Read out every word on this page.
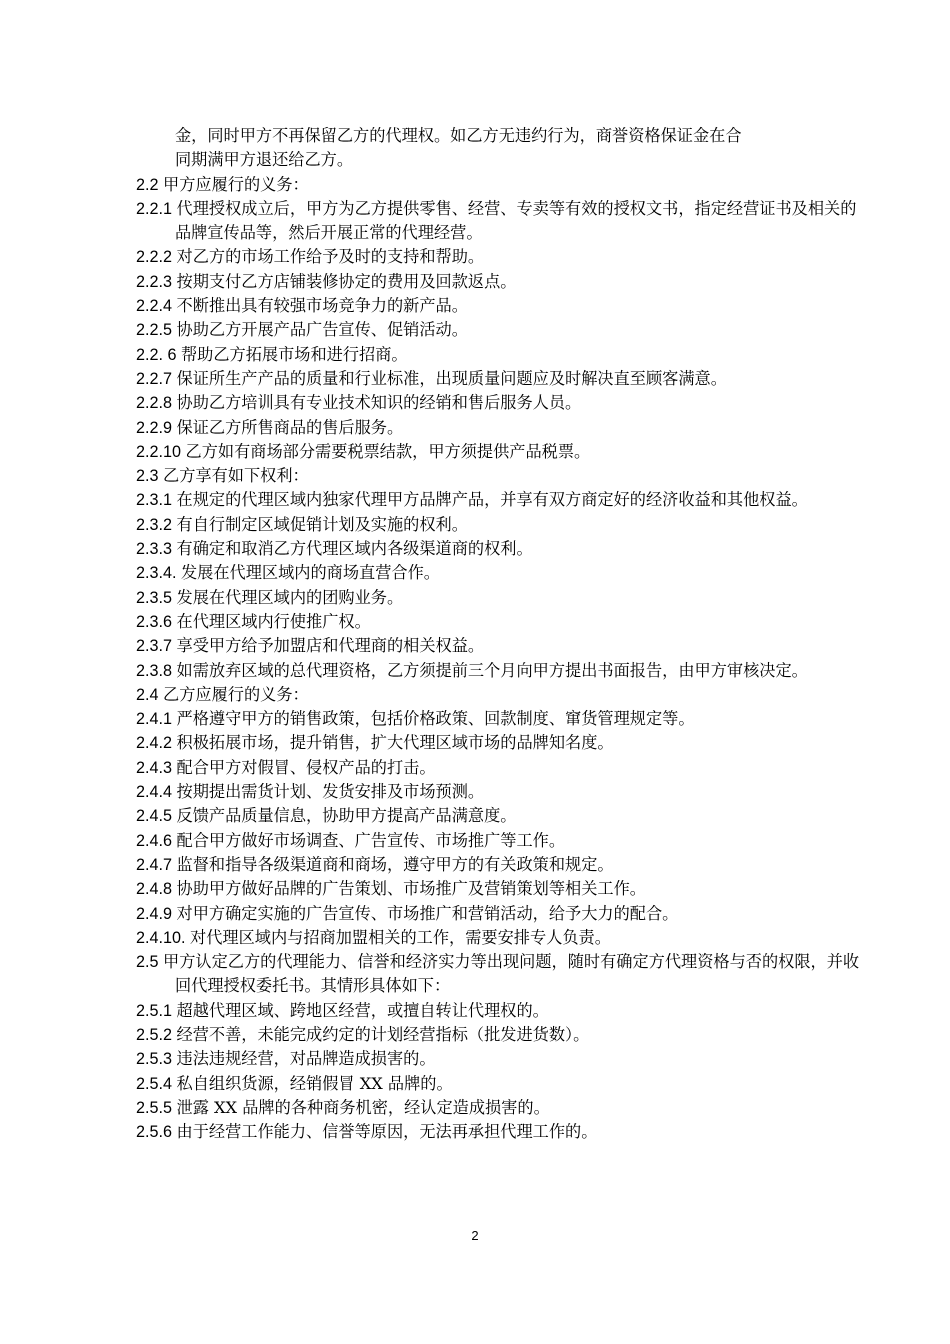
金，同时甲方不再保留乙方的代理权。如乙方无违约行为，商誉资格保证金在合
同期满甲方退还给乙方。
2.2 甲方应履行的义务：
2.2.1 代理授权成立后，甲方为乙方提供零售、经营、专卖等有效的授权文书，指定经营证书及相关的品牌宣传品等，然后开展正常的代理经营。
2.2.2 对乙方的市场工作给予及时的支持和帮助。
2.2.3 按期支付乙方店铺装修协定的费用及回款返点。
2.2.4 不断推出具有较强市场竞争力的新产品。
2.2.5 协助乙方开展产品广告宣传、促销活动。
2.2. 6 帮助乙方拓展市场和进行招商。
2.2.7 保证所生产产品的质量和行业标准，出现质量问题应及时解决直至顾客满意。
2.2.8 协助乙方培训具有专业技术知识的经销和售后服务人员。
2.2.9 保证乙方所售商品的售后服务。
2.2.10 乙方如有商场部分需要税票结款，甲方须提供产品税票。
2.3 乙方享有如下权利：
2.3.1 在规定的代理区域内独家代理甲方品牌产品，并享有双方商定好的经济收益和其他权益。
2.3.2 有自行制定区域促销计划及实施的权利。
2.3.3 有确定和取消乙方代理区域内各级渠道商的权利。
2.3.4. 发展在代理区域内的商场直营合作。
2.3.5 发展在代理区域内的团购业务。
2.3.6 在代理区域内行使推广权。
2.3.7 享受甲方给予加盟店和代理商的相关权益。
2.3.8 如需放弃区域的总代理资格，乙方须提前三个月向甲方提出书面报告，由甲方审核决定。
2.4 乙方应履行的义务：
2.4.1 严格遵守甲方的销售政策，包括价格政策、回款制度、窜货管理规定等。
2.4.2 积极拓展市场，提升销售，扩大代理区域市场的品牌知名度。
2.4.3 配合甲方对假冒、侵权产品的打击。
2.4.4 按期提出需货计划、发货安排及市场预测。
2.4.5 反馈产品质量信息，协助甲方提高产品满意度。
2.4.6 配合甲方做好市场调查、广告宣传、市场推广等工作。
2.4.7 监督和指导各级渠道商和商场，遵守甲方的有关政策和规定。
2.4.8 协助甲方做好品牌的广告策划、市场推广及营销策划等相关工作。
2.4.9 对甲方确定实施的广告宣传、市场推广和营销活动，给予大力的配合。
2.4.10. 对代理区域内与招商加盟相关的工作，需要安排专人负责。
2.5 甲方认定乙方的代理能力、信誉和经济实力等出现问题，随时有确定方代理资格与否的权限，并收回代理授权委托书。其情形具体如下：
2.5.1 超越代理区域、跨地区经营，或擅自转让代理权的。
2.5.2 经营不善，未能完成约定的计划经营指标（批发进货数）。
2.5.3 违法违规经营，对品牌造成损害的。
2.5.4 私自组织货源，经销假冒 XX 品牌的。
2.5.5 泄露 XX 品牌的各种商务机密，经认定造成损害的。
2.5.6 由于经营工作能力、信誉等原因，无法再承担代理工作的。
2
